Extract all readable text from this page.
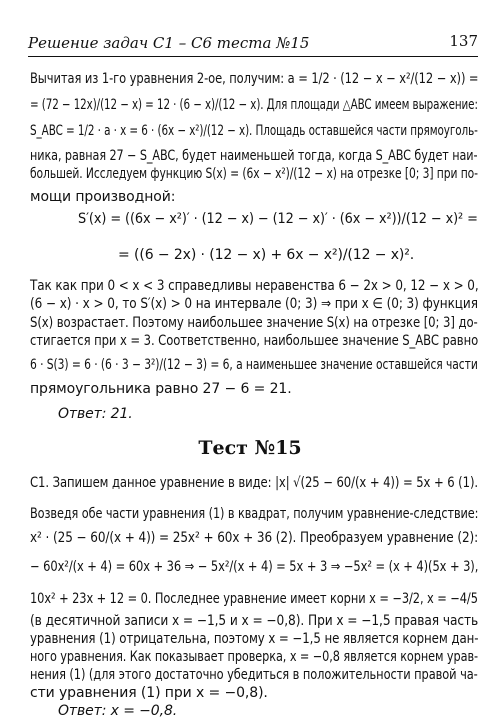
Решение задач С1 – С6 теста №15	137
Вычитая из 1-го уравнения 2-ое, получим: a = 1/2 · (12 − x − x²/(12 − x)) =
= (72 − 12x)/(12 − x) = 12 · (6 − x)/(12 − x). Для площади △ABC имеем выражение:
S_ABC = 1/2 · a · x = 6 · (6x − x²)/(12 − x). Площадь оставшейся части прямоуголь-
ника, равная 27 − S_ABC, будет наименьшей тогда, когда S_ABC будет наи-
большей. Исследуем функцию S(x) = (6x − x²)/(12 − x) на отрезке [0; 3] при по-
мощи производной:
S′(x) = ((6x − x²)′ · (12 − x) − (12 − x)′ · (6x − x²))/(12 − x)² =
= ((6 − 2x) · (12 − x) + 6x − x²)/(12 − x)².
Так как при 0 < x < 3 справедливы неравенства 6 − 2x > 0, 12 − x > 0,
(6 − x) · x > 0, то S′(x) > 0 на интервале (0; 3) ⇒ при x ∈ (0; 3) функция
S(x) возрастает. Поэтому наибольшее значение S(x) на отрезке [0; 3] до-
стигается при x = 3. Соответственно, наибольшее значение S_ABC равно
6 · S(3) = 6 · (6 · 3 − 3²)/(12 − 3) = 6, а наименьшее значение оставшейся части
прямоугольника равно 27 − 6 = 21.
Ответ: 21.
Тест №15
С1. Запишем данное уравнение в виде: |x| √(25 − 60/(x + 4)) = 5x + 6 (1).
Возведя обе части уравнения (1) в квадрат, получим уравнение-следствие:
x² · (25 − 60/(x + 4)) = 25x² + 60x + 36 (2). Преобразуем уравнение (2):
− 60x²/(x + 4) = 60x + 36 ⇒ − 5x²/(x + 4) = 5x + 3 ⇒ −5x² = (x + 4)(5x + 3),
10x² + 23x + 12 = 0. Последнее уравнение имеет корни x = −3/2, x = −4/5
(в десятичной записи x = −1,5 и x = −0,8). При x = −1,5 правая часть
уравнения (1) отрицательна, поэтому x = −1,5 не является корнем дан-
ного уравнения. Как показывает проверка, x = −0,8 является корнем урав-
нения (1) (для этого достаточно убедиться в положительности правой ча-
сти уравнения (1) при x = −0,8).
Ответ: x = −0,8.
